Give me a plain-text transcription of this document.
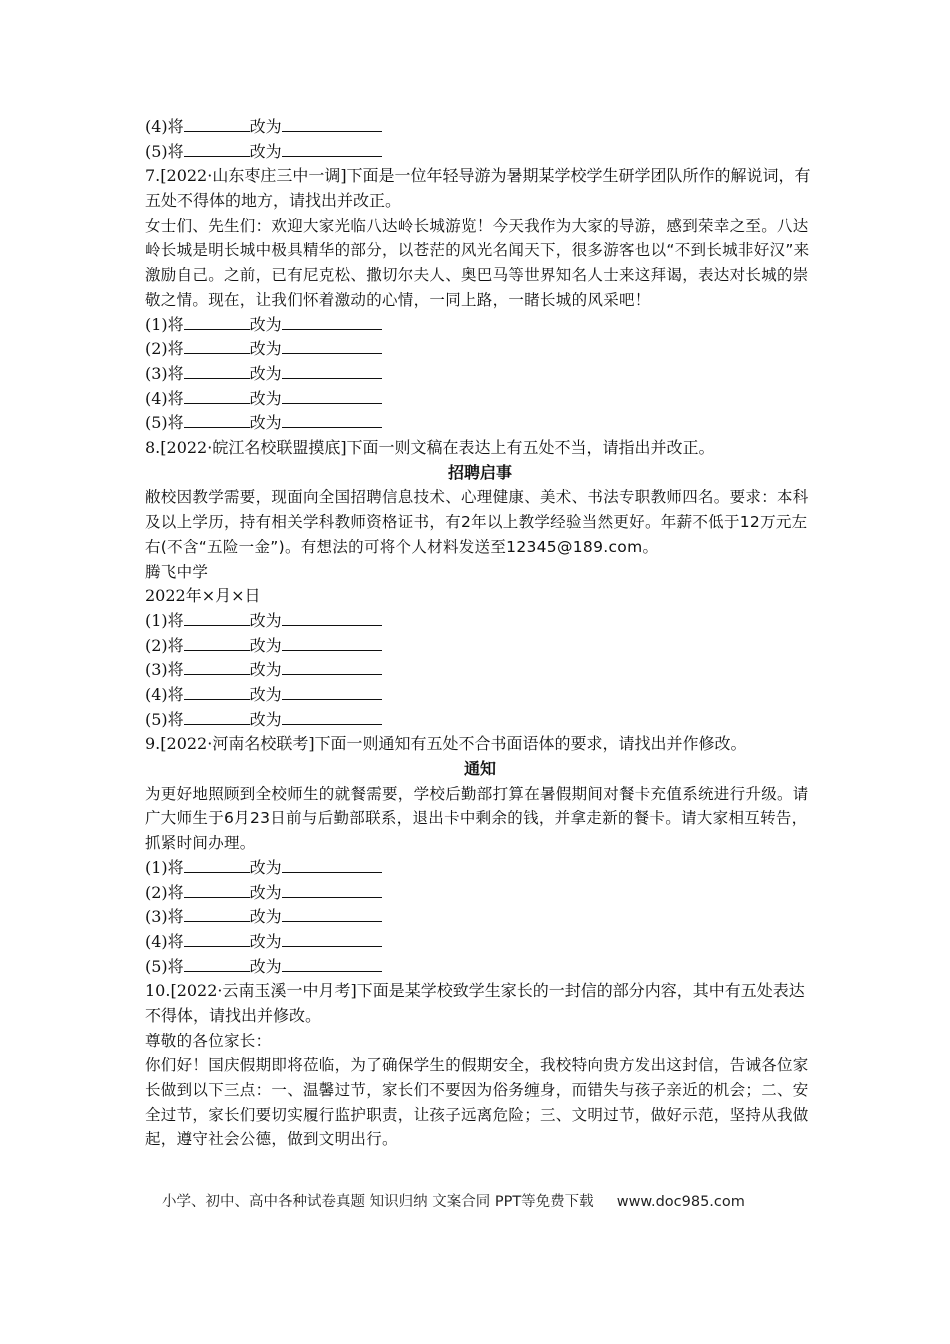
(4)将	改为
(5)将	改为
7.[2022·山东枣庄三中一调]下面是一位年轻导游为暑期某学校学生研学团队所作的解说词，有五处不得体的地方，请找出并改正。
女士们、先生们：欢迎大家光临八达岭长城游览！今天我作为大家的导游，感到荣幸之至。八达岭长城是明长城中极具精华的部分，以苍茫的风光名闻天下，很多游客也以“不到长城非好汉”来激励自己。之前，已有尼克松、撒切尔夫人、奥巴马等世界知名人士来这拜谒，表达对长城的崇敬之情。现在，让我们怀着激动的心情，一同上路，一睹长城的风采吧！
(1)将	改为
(2)将	改为
(3)将	改为
(4)将	改为
(5)将	改为
8.[2022·皖江名校联盟摸底]下面一则文稿在表达上有五处不当，请指出并改正。
招聘启事
敝校因教学需要，现面向全国招聘信息技术、心理健康、美术、书法专职教师四名。要求：本科及以上学历，持有相关学科教师资格证书，有2年以上教学经验当然更好。年薪不低于12万元左右(不含“五险一金”)。有想法的可将个人材料发送至12345@189.com。
腾飞中学
2022年×月×日
(1)将	改为
(2)将	改为
(3)将	改为
(4)将	改为
(5)将	改为
9.[2022·河南名校联考]下面一则通知有五处不合书面语体的要求，请找出并作修改。
通知
为更好地照顾到全校师生的就餐需要，学校后勤部打算在暑假期间对餐卡充值系统进行升级。请广大师生于6月23日前与后勤部联系，退出卡中剩余的钱，并拿走新的餐卡。请大家相互转告，抓紧时间办理。
(1)将	改为
(2)将	改为
(3)将	改为
(4)将	改为
(5)将	改为
10.[2022·云南玉溪一中月考]下面是某学校致学生家长的一封信的部分内容，其中有五处表达不得体，请找出并修改。
尊敬的各位家长：
你们好！国庆假期即将莅临，为了确保学生的假期安全，我校特向贵方发出这封信，告诫各位家长做到以下三点：一、温馨过节，家长们不要因为俗务缠身，而错失与孩子亲近的机会；二、安全过节，家长们要切实履行监护职责，让孩子远离危险；三、文明过节，做好示范，坚持从我做起，遵守社会公德，做到文明出行。
小学、初中、高中各种试卷真题 知识归纳 文案合同 PPT等免费下载 www.doc985.com
